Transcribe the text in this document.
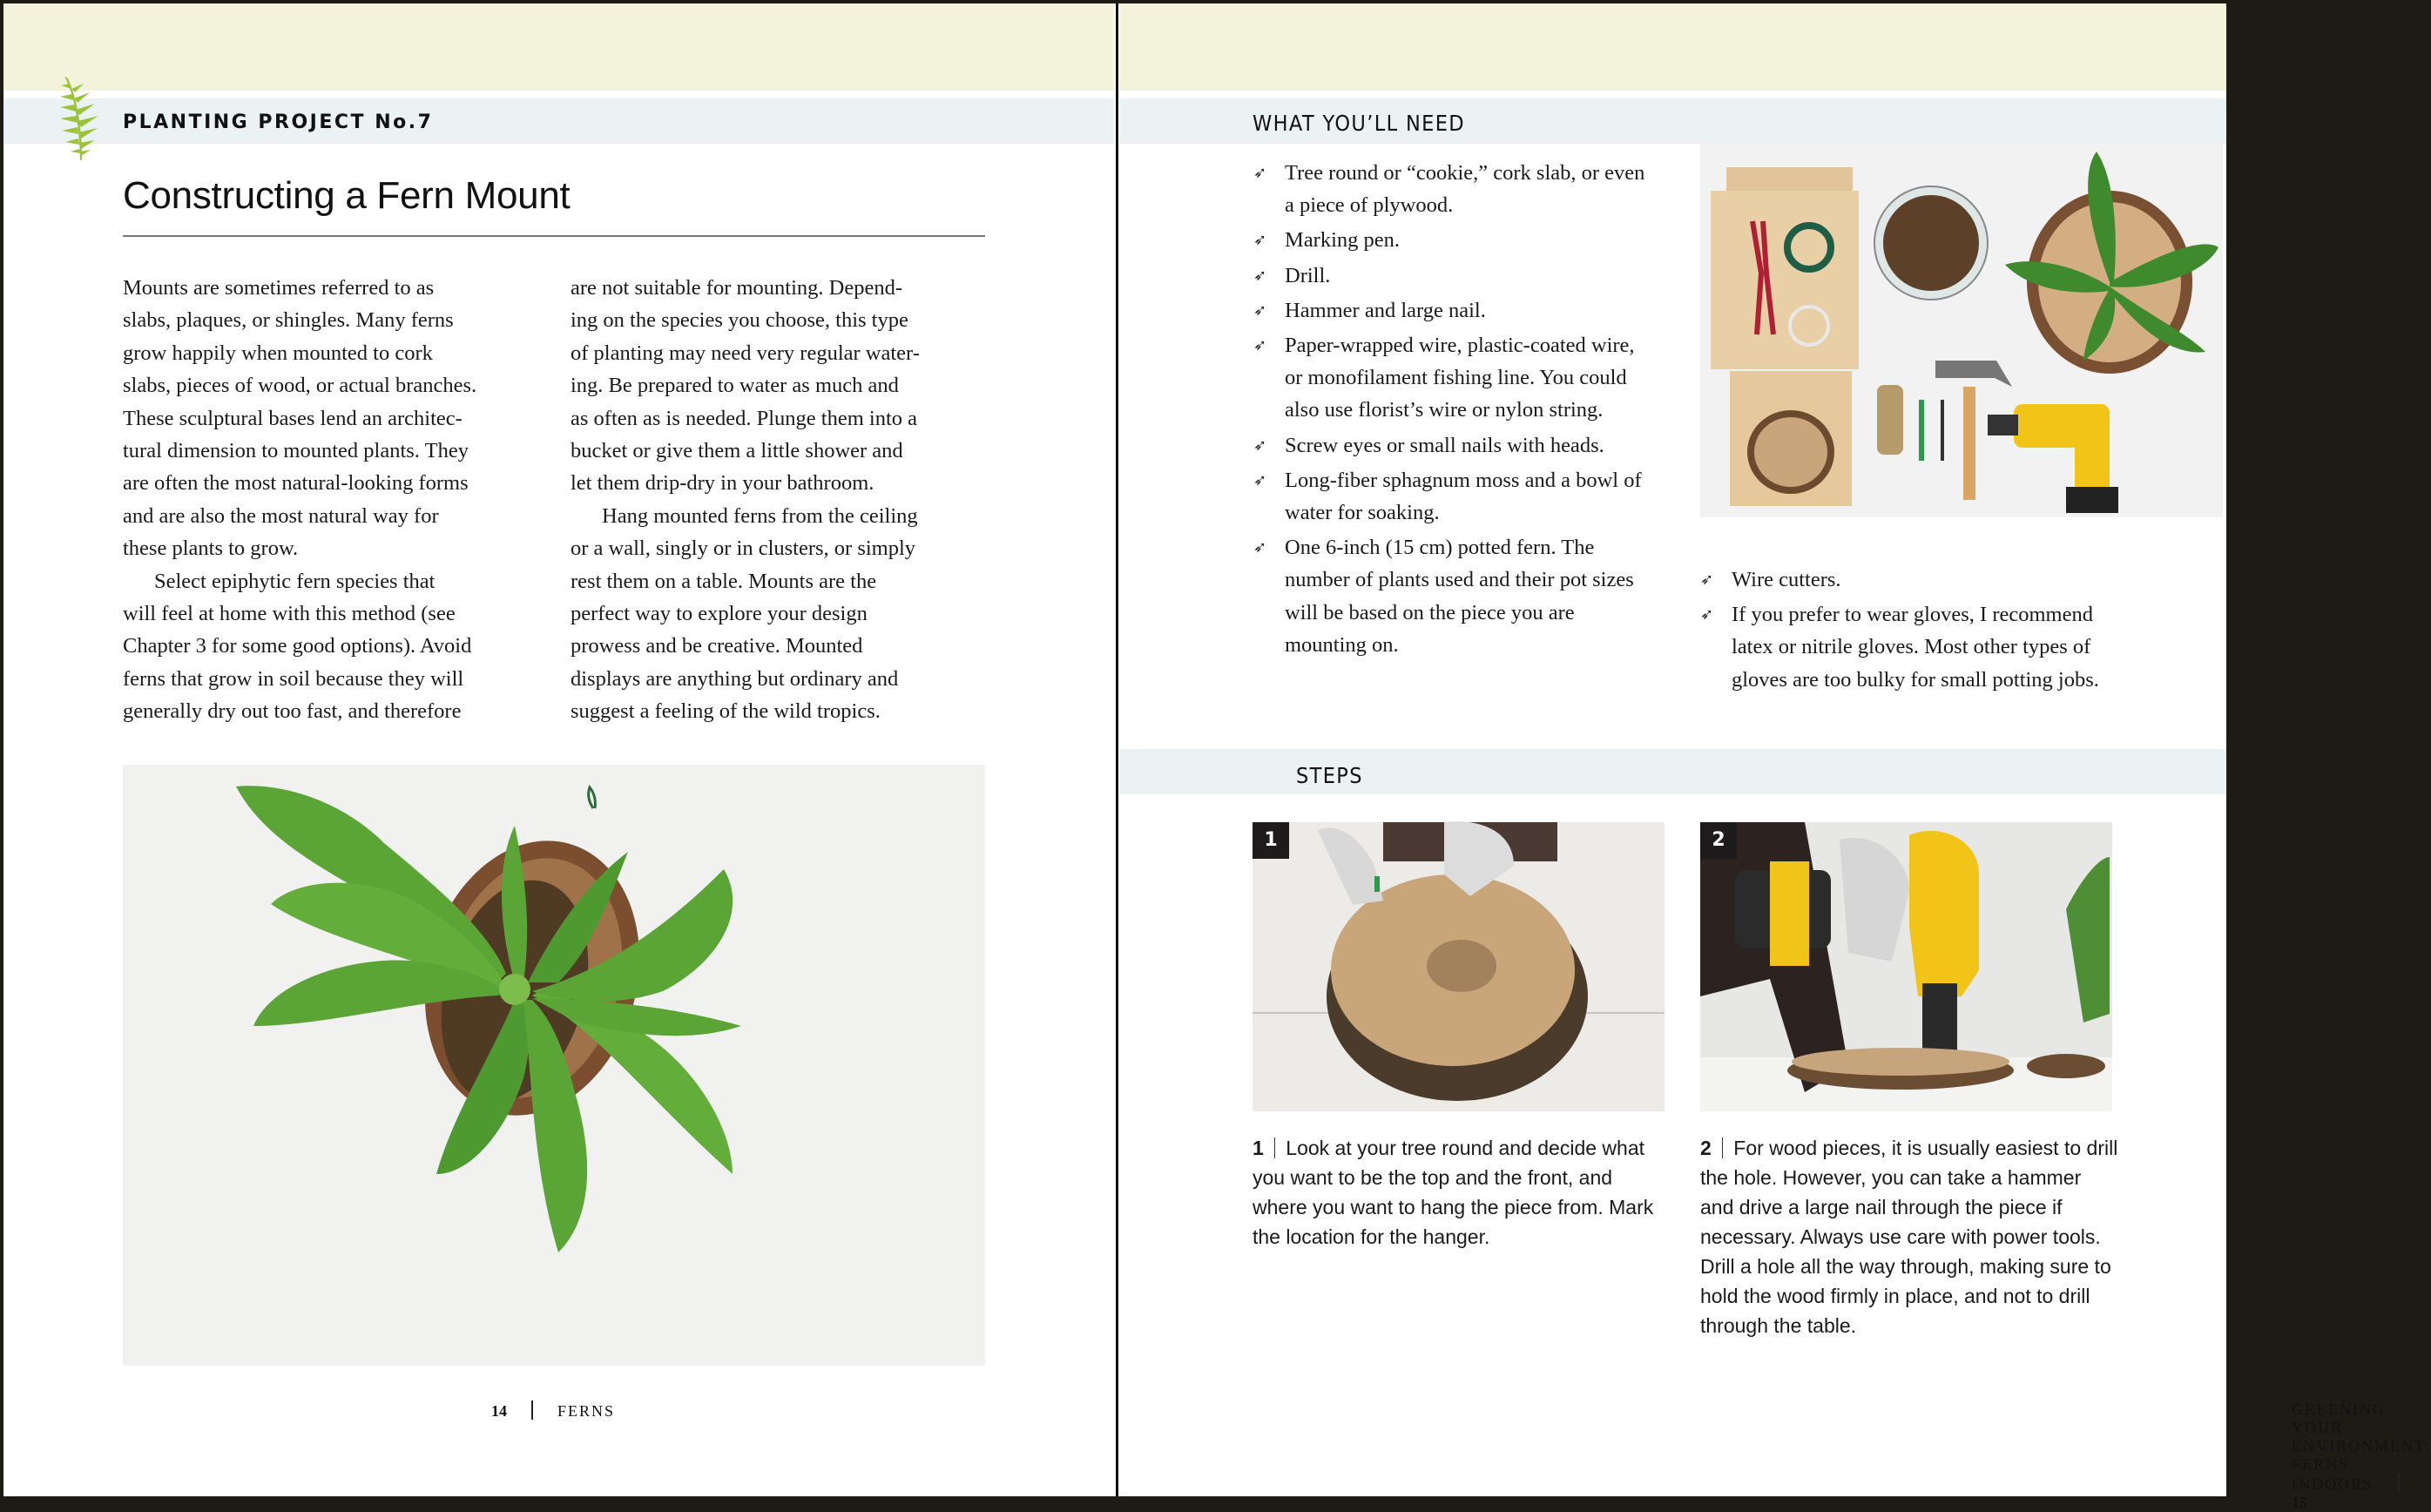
PLANTING PROJECT No.7
Constructing a Fern Mount

Mounts are sometimes referred to as
slabs, plaques, or shingles. Many ferns
grow happily when mounted to cork
slabs, pieces of wood, or actual branches.
These sculptural bases lend an architec-
tural dimension to mounted plants. They
are often the most natural-looking forms
and are also the most natural way for
these plants to grow.

Select epiphytic fern species that
will feel at home with this method (see
Chapter 3 for some good options). Avoid
ferns that grow in soil because they will
generally dry out too fast, and therefore

are not suitable for mounting. Depend-
ing on the species you choose, this type
of planting may need very regular water-
ing. Be prepared to water as much and
as often as is needed. Plunge them into a
bucket or give them a little shower and
let them drip-dry in your bathroom.

Hang mounted ferns from the ceiling
or a wall, singly or in clusters, or simply
rest them on a table. Mounts are the
perfect way to explore your design
prowess and be creative. Mounted
displays are anything but ordinary and
suggest a feeling of the wild tropics.

14	FERNS
WHAT YOU’LL NEED
➶ Tree round or “cookie,” cork slab, or even a piece of plywood.
➶ Marking pen.
➶ Drill.
➶ Hammer and large nail.
➶ Paper-wrapped wire, plastic-coated wire, or monofilament fishing line. You could also use florist’s wire or nylon string.
➶ Screw eyes or small nails with heads.
➶ Long-fiber sphagnum moss and a bowl of water for soaking.
➶ One 6-inch (15 cm) potted fern. The number of plants used and their pot sizes will be based on the piece you are mounting on.
➶ Wire cutters.
➶ If you prefer to wear gloves, I recommend latex or nitrile gloves. Most other types of gloves are too bulky for small potting jobs.
STEPS
1	2
1 Look at your tree round and decide what you want to be the top and the front, and where you want to hang the piece from. Mark the location for the hanger.
2 For wood pieces, it is usually easiest to drill the hole. However, you can take a hammer and drive a large nail through the piece if necessary. Always use care with power tools. Drill a hole all the way through, making sure to hold the wood firmly in place, and not to drill through the table.
GREENING YOUR ENVIRONMENT: FERNS INDOORS15
